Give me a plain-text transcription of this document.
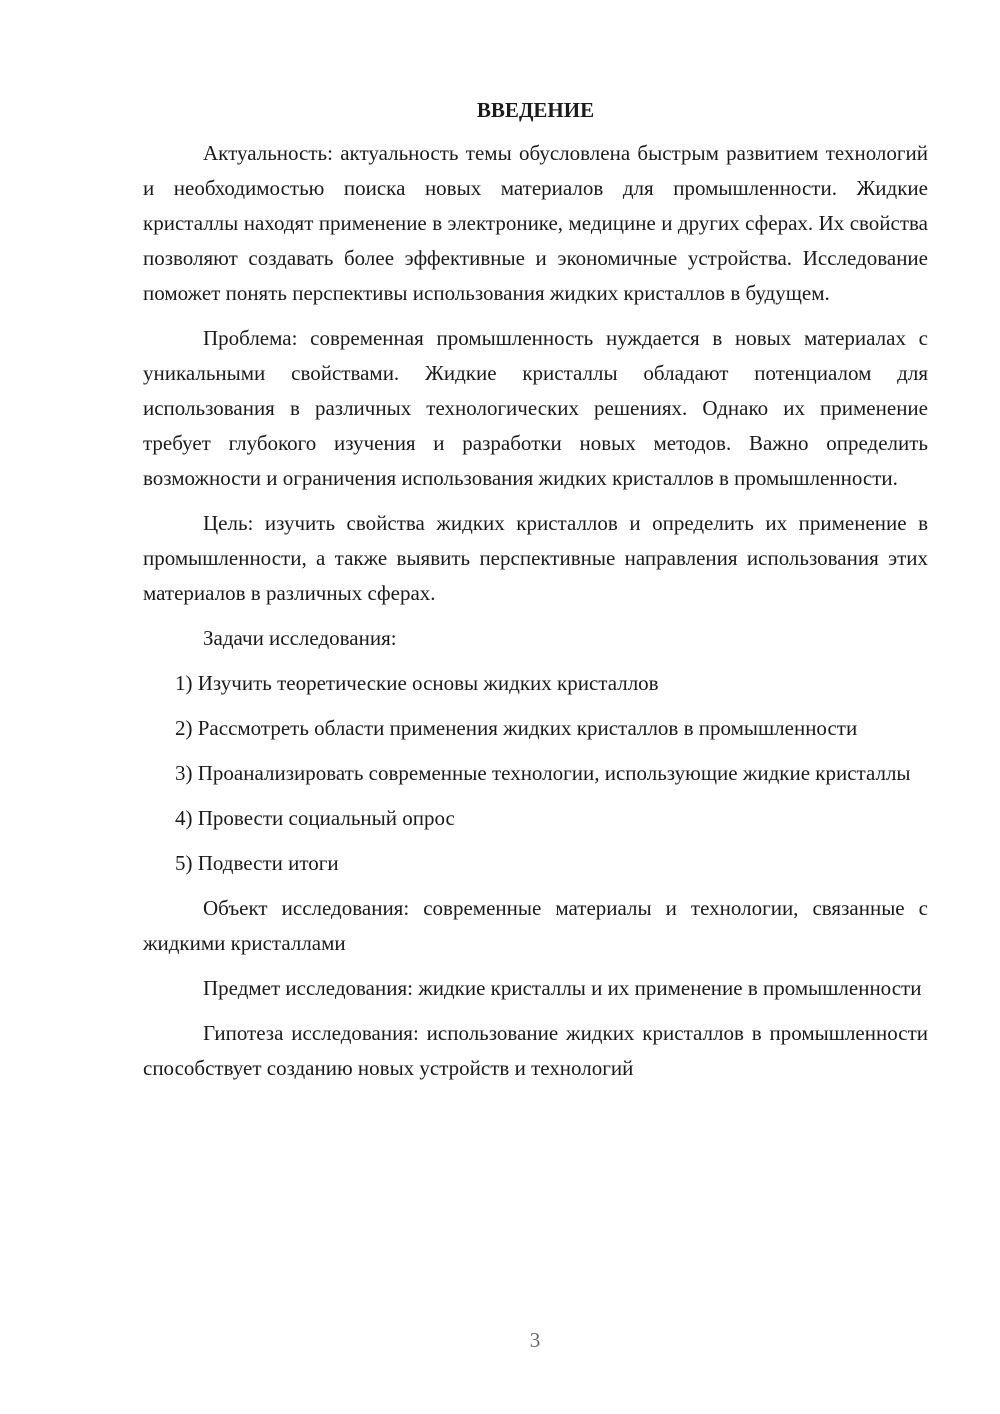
ВВЕДЕНИЕ

Актуальность: актуальность темы обусловлена быстрым развитием технологий и необходимостью поиска новых материалов для промышленности. Жидкие кристаллы находят применение в электронике, медицине и других сферах. Их свойства позволяют создавать более эффективные и экономичные устройства. Исследование поможет понять перспективы использования жидких кристаллов в будущем.

Проблема: современная промышленность нуждается в новых материалах с уникальными свойствами. Жидкие кристаллы обладают потенциалом для использования в различных технологических решениях. Однако их применение требует глубокого изучения и разработки новых методов. Важно определить возможности и ограничения использования жидких кристаллов в промышленности.

Цель: изучить свойства жидких кристаллов и определить их применение в промышленности, а также выявить перспективные направления использования этих материалов в различных сферах.

Задачи исследования:

1) Изучить теоретические основы жидких кристаллов

2) Рассмотреть области применения жидких кристаллов в промышленности

3) Проанализировать современные технологии, использующие жидкие кристаллы

4) Провести социальный опрос

5) Подвести итоги

Объект исследования: современные материалы и технологии, связанные с жидкими кристаллами

Предмет исследования: жидкие кристаллы и их применение в промышленности

Гипотеза исследования: использование жидких кристаллов в промышленности способствует созданию новых устройств и технологий

3
